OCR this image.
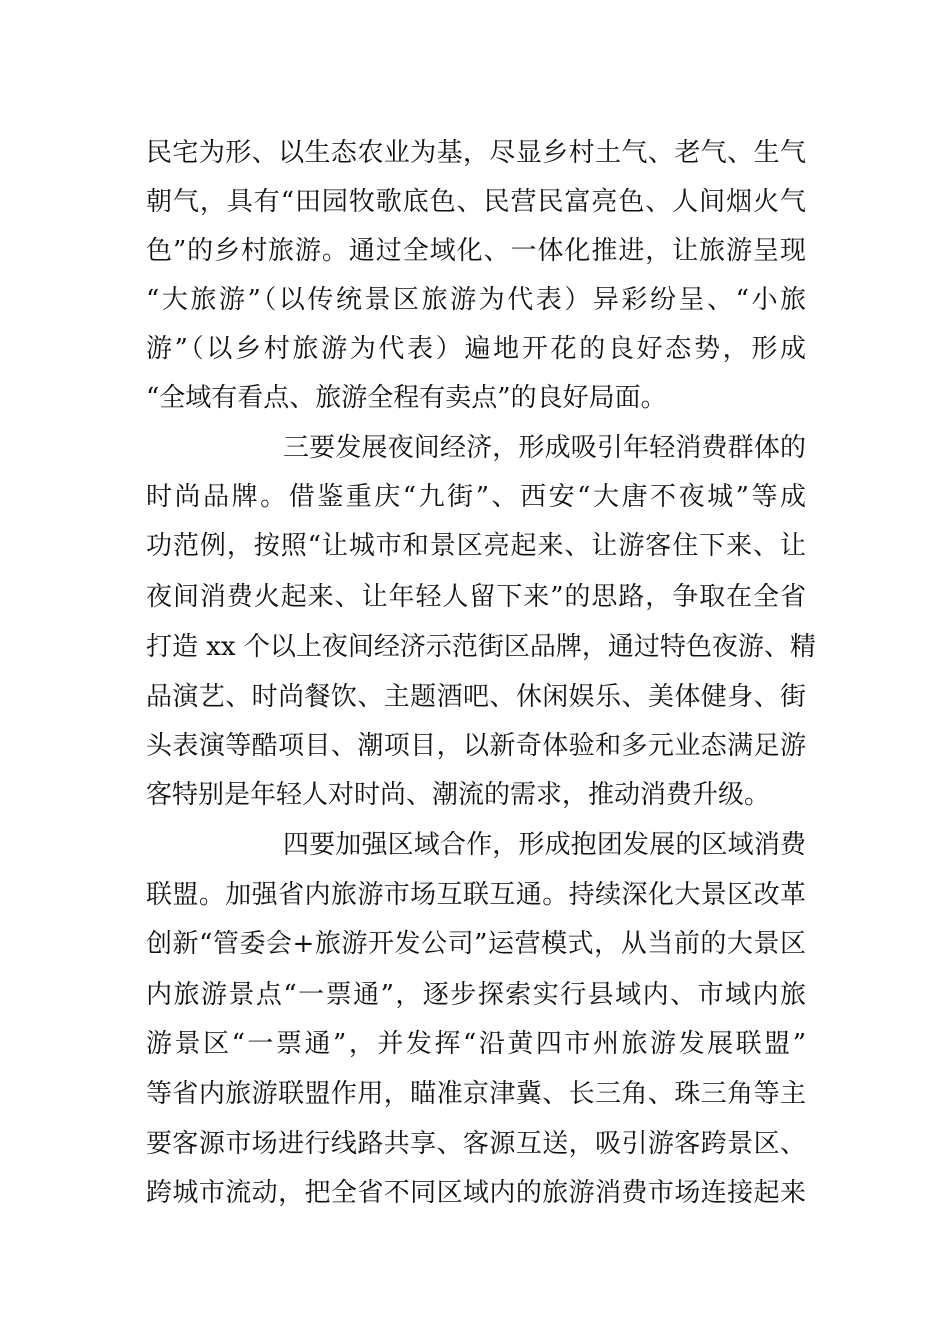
民宅为形、以生态农业为基，尽显乡村土气、老气、生气
朝气，具有“田园牧歌底色、民营民富亮色、人间烟火气
色”的乡村旅游。通过全域化、一体化推进，让旅游呈现
“大旅游”（以传统景区旅游为代表）异彩纷呈、“小旅
游”（以乡村旅游为代表）遍地开花的良好态势，形成
“全域有看点、旅游全程有卖点”的良好局面。
三要发展夜间经济，形成吸引年轻消费群体的
时尚品牌。借鉴重庆“九街”、西安“大唐不夜城”等成
功范例，按照“让城市和景区亮起来、让游客住下来、让
夜间消费火起来、让年轻人留下来”的思路，争取在全省
打造 xx 个以上夜间经济示范街区品牌，通过特色夜游、精
品演艺、时尚餐饮、主题酒吧、休闲娱乐、美体健身、街
头表演等酷项目、潮项目，以新奇体验和多元业态满足游
客特别是年轻人对时尚、潮流的需求，推动消费升级。
四要加强区域合作，形成抱团发展的区域消费
联盟。加强省内旅游市场互联互通。持续深化大景区改革
创新“管委会+旅游开发公司”运营模式，从当前的大景区
内旅游景点“一票通”，逐步探索实行县域内、市域内旅
游景区“一票通”，并发挥“沿黄四市州旅游发展联盟”
等省内旅游联盟作用，瞄准京津冀、长三角、珠三角等主
要客源市场进行线路共享、客源互送，吸引游客跨景区、
跨城市流动，把全省不同区域内的旅游消费市场连接起来
